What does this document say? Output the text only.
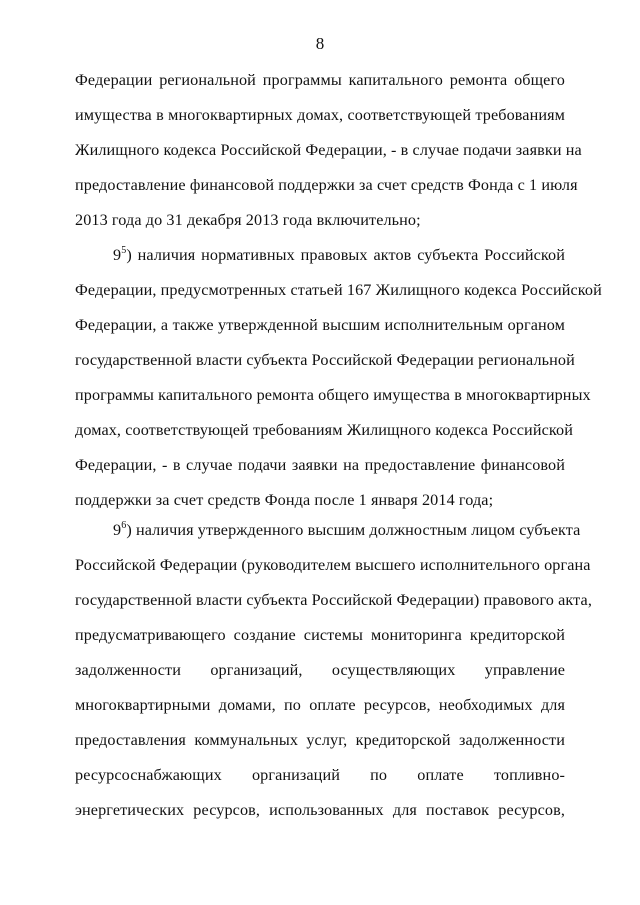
8
Федерации региональной программы капитального ремонта общего
имущества в многоквартирных домах, соответствующей требованиям
Жилищного кодекса Российской Федерации, - в случае подачи заявки на
предоставление финансовой поддержки за счет средств Фонда с 1 июля
2013 года до 31 декабря 2013 года включительно;
$9^5$) наличия нормативных правовых актов субъекта Российской
Федерации, предусмотренных статьей 167 Жилищного кодекса Российской
Федерации, а также утвержденной высшим исполнительным органом
государственной власти субъекта Российской Федерации региональной
программы капитального ремонта общего имущества в многоквартирных
домах, соответствующей требованиям Жилищного кодекса Российской
Федерации, - в случае подачи заявки на предоставление финансовой
поддержки за счет средств Фонда после 1 января 2014 года;
$9^6$) наличия утвержденного высшим должностным лицом субъекта
Российской Федерации (руководителем высшего исполнительного органа
государственной власти субъекта Российской Федерации) правового акта,
предусматривающего создание системы мониторинга кредиторской
задолженности организаций, осуществляющих управление
многоквартирными домами, по оплате ресурсов, необходимых для
предоставления коммунальных услуг, кредиторской задолженности
ресурсоснабжающих организаций по оплате топливно-
энергетических ресурсов, использованных для поставок ресурсов,
